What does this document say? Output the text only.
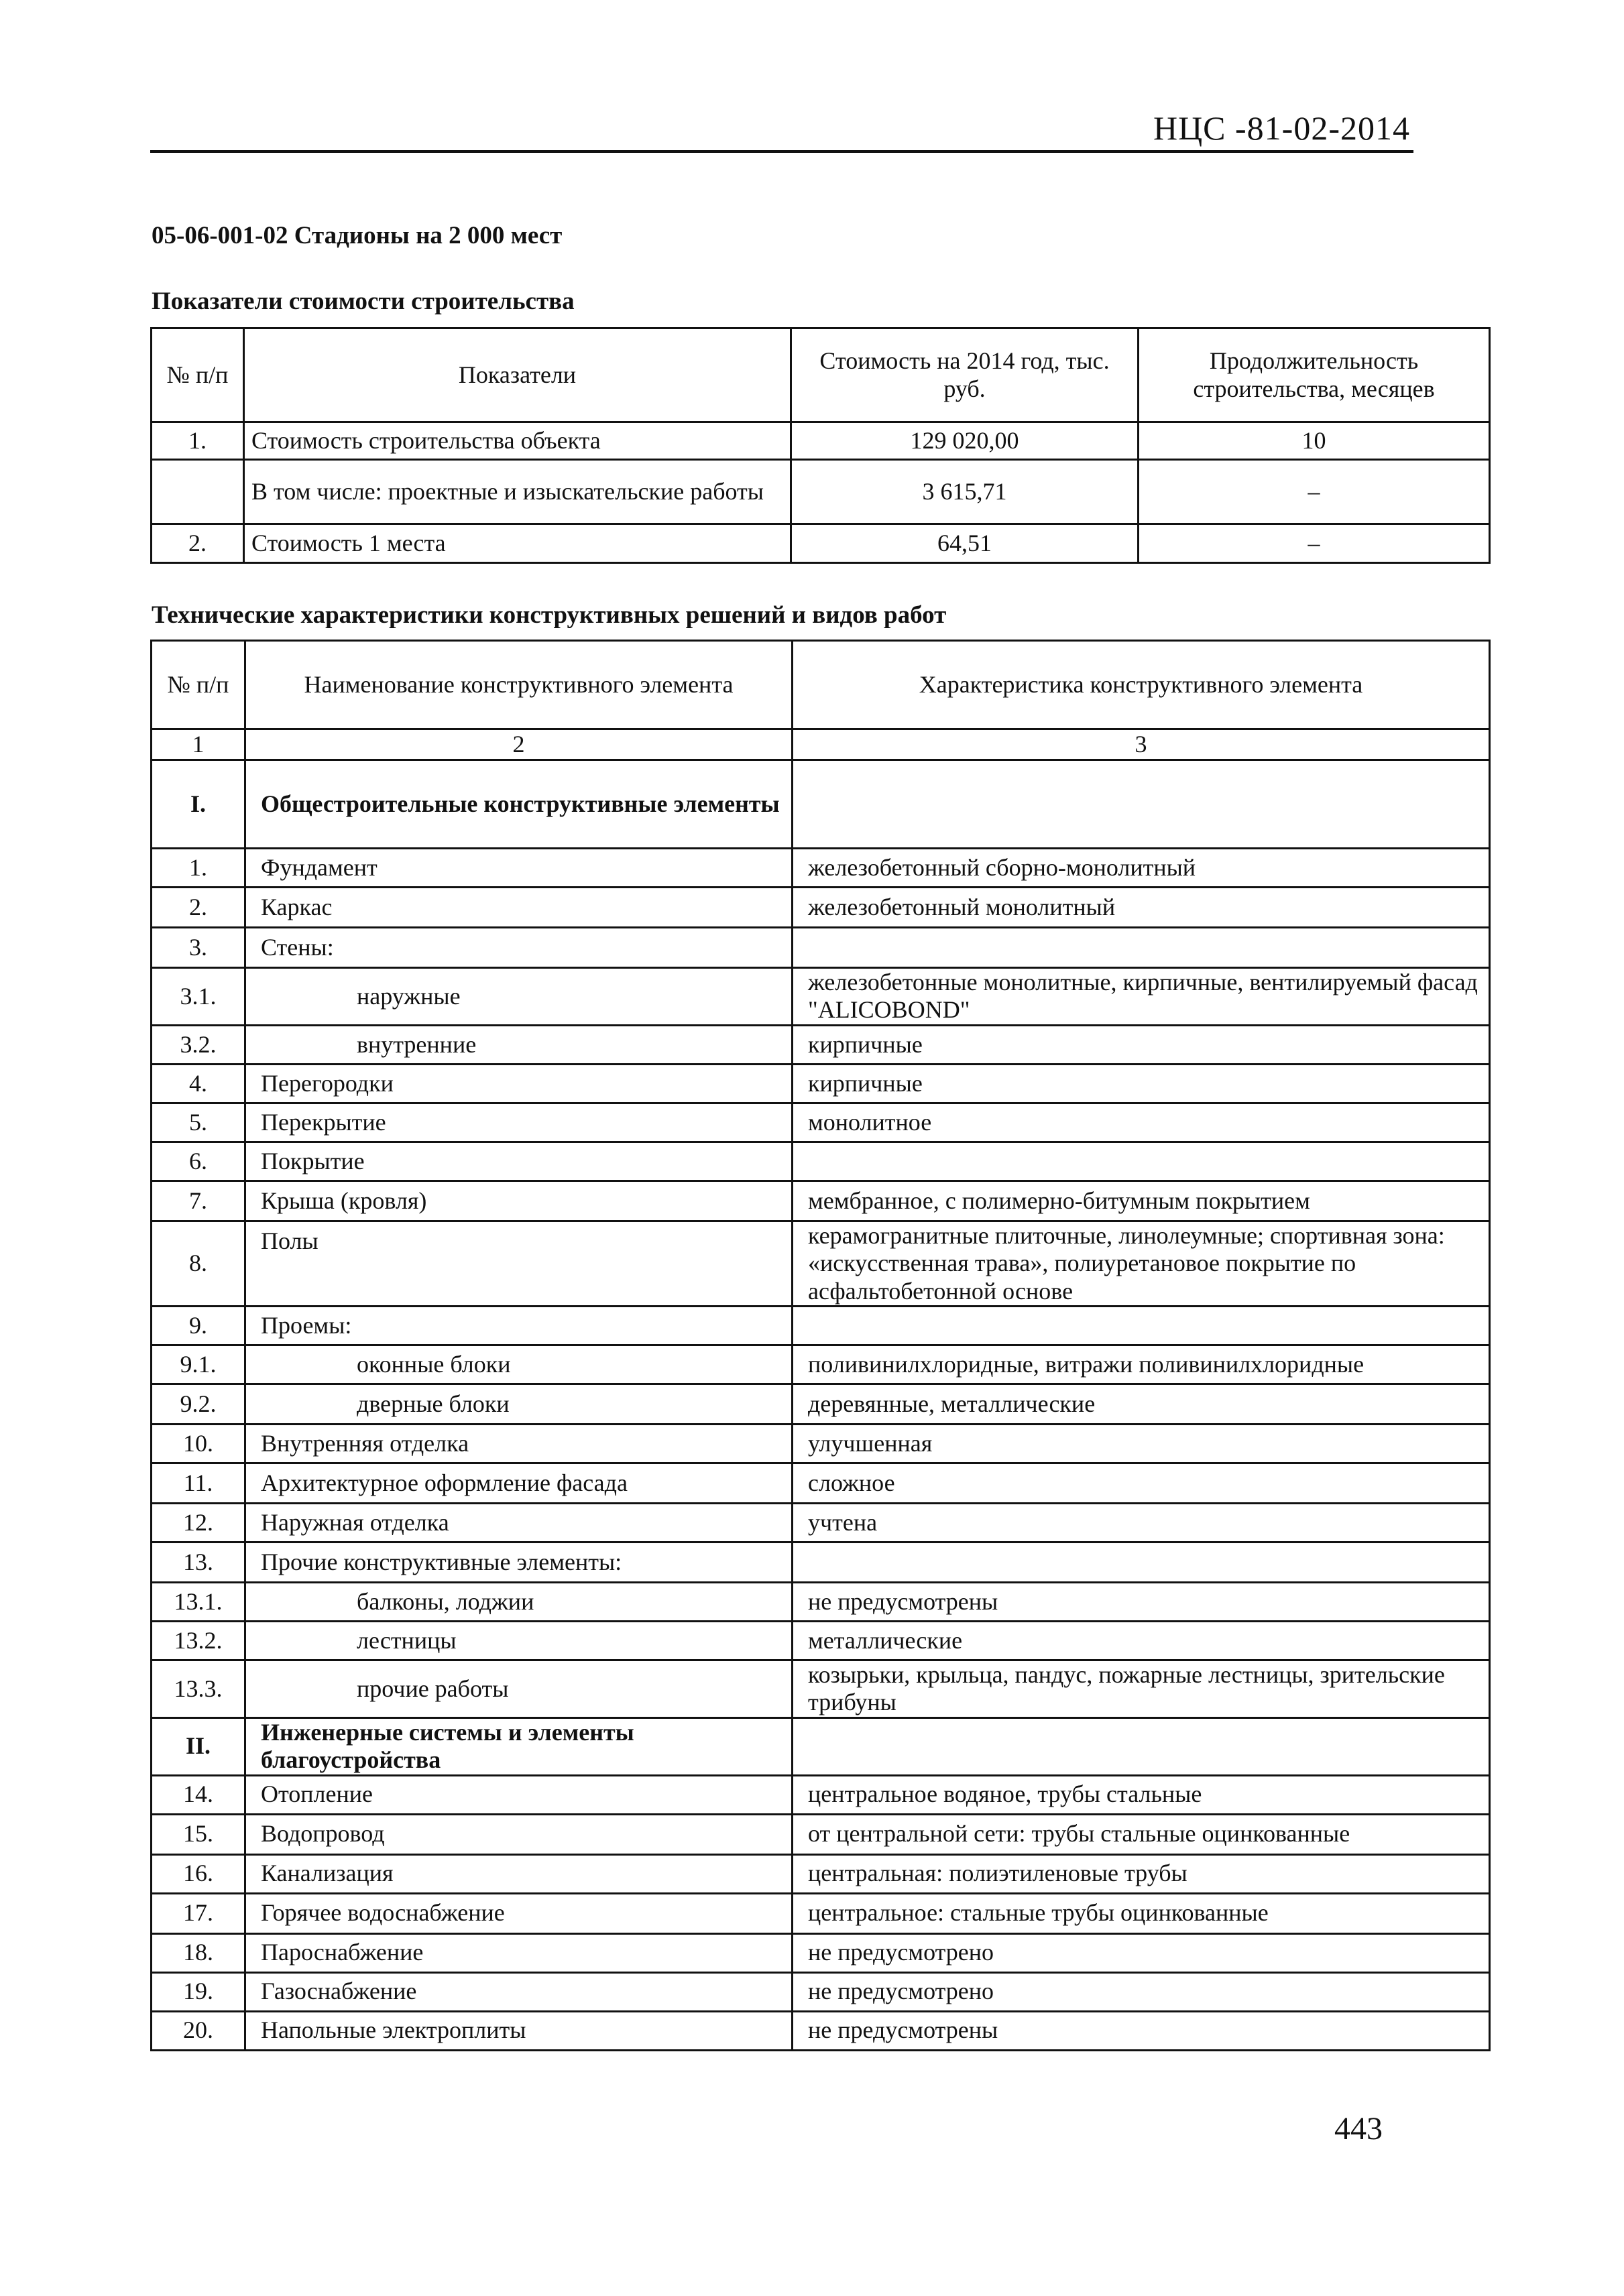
НЦС -81-02-2014
05-06-001-02 Стадионы на 2 000 мест
Показатели стоимости строительства
№ п/п	Показатели	Стоимость на 2014 год, тыс. руб.	Продолжительность строительства, месяцев
1.	Стоимость строительства объекта	129 020,00	10
	В том числе: проектные и изыскательские работы	3 615,71	–
2.	Стоимость 1 места	64,51	–
Технические характеристики конструктивных решений и видов работ
№ п/п	Наименование конструктивного элемента	Характеристика конструктивного элемента
1	2	3
I.	Общестроительные конструктивные элементы	
1.	Фундамент	железобетонный сборно-монолитный
2.	Каркас	железобетонный монолитный
3.	Стены:	
3.1.	наружные	железобетонные монолитные, кирпичные, вентилируемый фасад "ALICOBOND"
3.2.	внутренние	кирпичные
4.	Перегородки	кирпичные
5.	Перекрытие	монолитное
6.	Покрытие	
7.	Крыша (кровля)	мембранное, с полимерно-битумным покрытием
8.	Полы	керамогранитные плиточные, линолеумные; спортивная зона: «искусственная трава», полиуретановое покрытие по асфальтобетонной основе
9.	Проемы:	
9.1.	оконные блоки	поливинилхлоридные, витражи поливинилхлоридные
9.2.	дверные блоки	деревянные, металлические
10.	Внутренняя отделка	улучшенная
11.	Архитектурное оформление фасада	сложное
12.	Наружная отделка	учтена
13.	Прочие конструктивные элементы:	
13.1.	балконы, лоджии	не предусмотрены
13.2.	лестницы	металлические
13.3.	прочие работы	козырьки, крыльца, пандус, пожарные лестницы, зрительские трибуны
II.	Инженерные системы и элементы благоустройства	
14.	Отопление	центральное водяное, трубы стальные
15.	Водопровод	от центральной сети: трубы стальные оцинкованные
16.	Канализация	центральная: полиэтиленовые трубы
17.	Горячее водоснабжение	центральное: стальные трубы оцинкованные
18.	Пароснабжение	не предусмотрено
19.	Газоснабжение	не предусмотрено
20.	Напольные электроплиты	не предусмотрены
443
